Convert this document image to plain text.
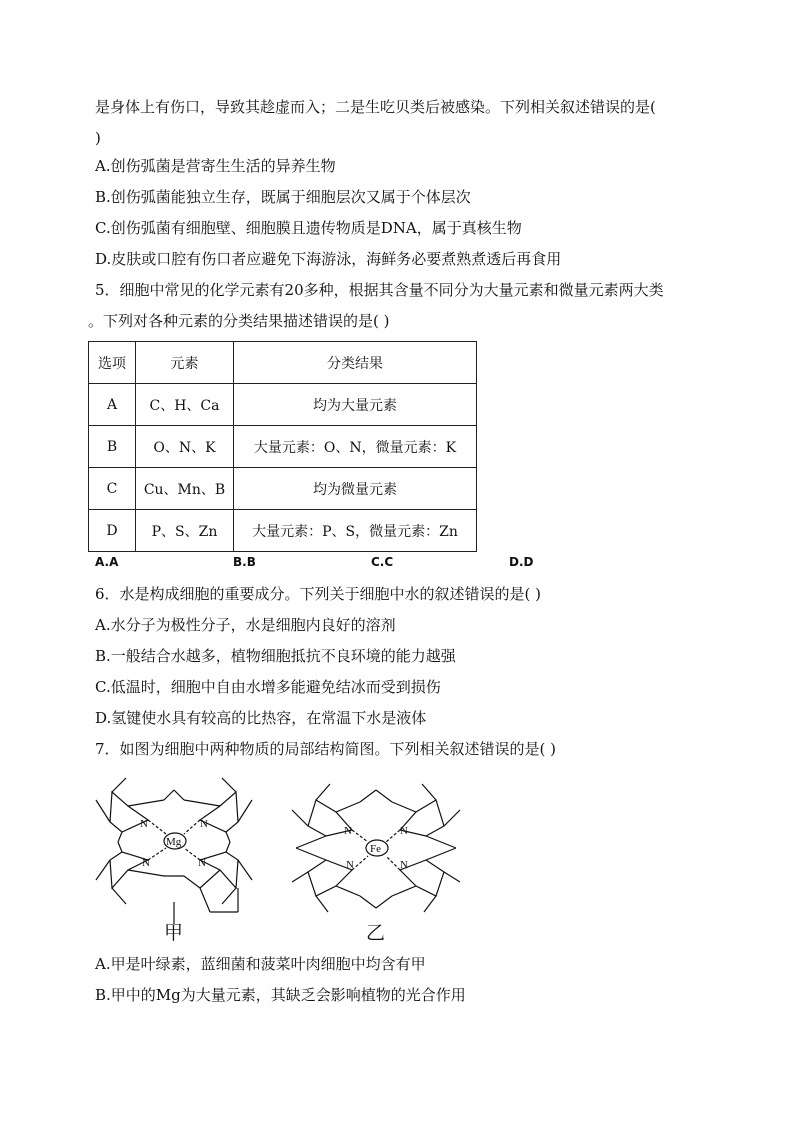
是身体上有伤口，导致其趁虚而入；二是生吃贝类后被感染。下列相关叙述错误的是(
)
A.创伤弧菌是营寄生生活的异养生物
B.创伤弧菌能独立生存，既属于细胞层次又属于个体层次
C.创伤弧菌有细胞壁、细胞膜且遗传物质是DNA，属于真核生物
D.皮肤或口腔有伤口者应避免下海游泳，海鲜务必要煮熟煮透后再食用
5．细胞中常见的化学元素有20多种，根据其含量不同分为大量元素和微量元素两大类
。下列对各种元素的分类结果描述错误的是( )
选项	元素	分类结果
A	C、H、Ca	均为大量元素
B	O、N、K	大量元素：O、N，微量元素：K
C	Cu、Mn、B	均为微量元素
D	P、S、Zn	大量元素：P、S，微量元素：Zn
A.A	B.B	C.C	D.D
6．水是构成细胞的重要成分。下列关于细胞中水的叙述错误的是( )
A.水分子为极性分子，水是细胞内良好的溶剂
B.一般结合水越多，植物细胞抵抗不良环境的能力越强
C.低温时，细胞中自由水增多能避免结冰而受到损伤
D.氢键使水具有较高的比热容，在常温下水是液体
7．如图为细胞中两种物质的局部结构简图。下列相关叙述错误的是( )
N	N
N	N
Mg
N	N
N	N
Fe
甲	乙
A.甲是叶绿素，蓝细菌和菠菜叶肉细胞中均含有甲
B.甲中的Mg为大量元素，其缺乏会影响植物的光合作用
